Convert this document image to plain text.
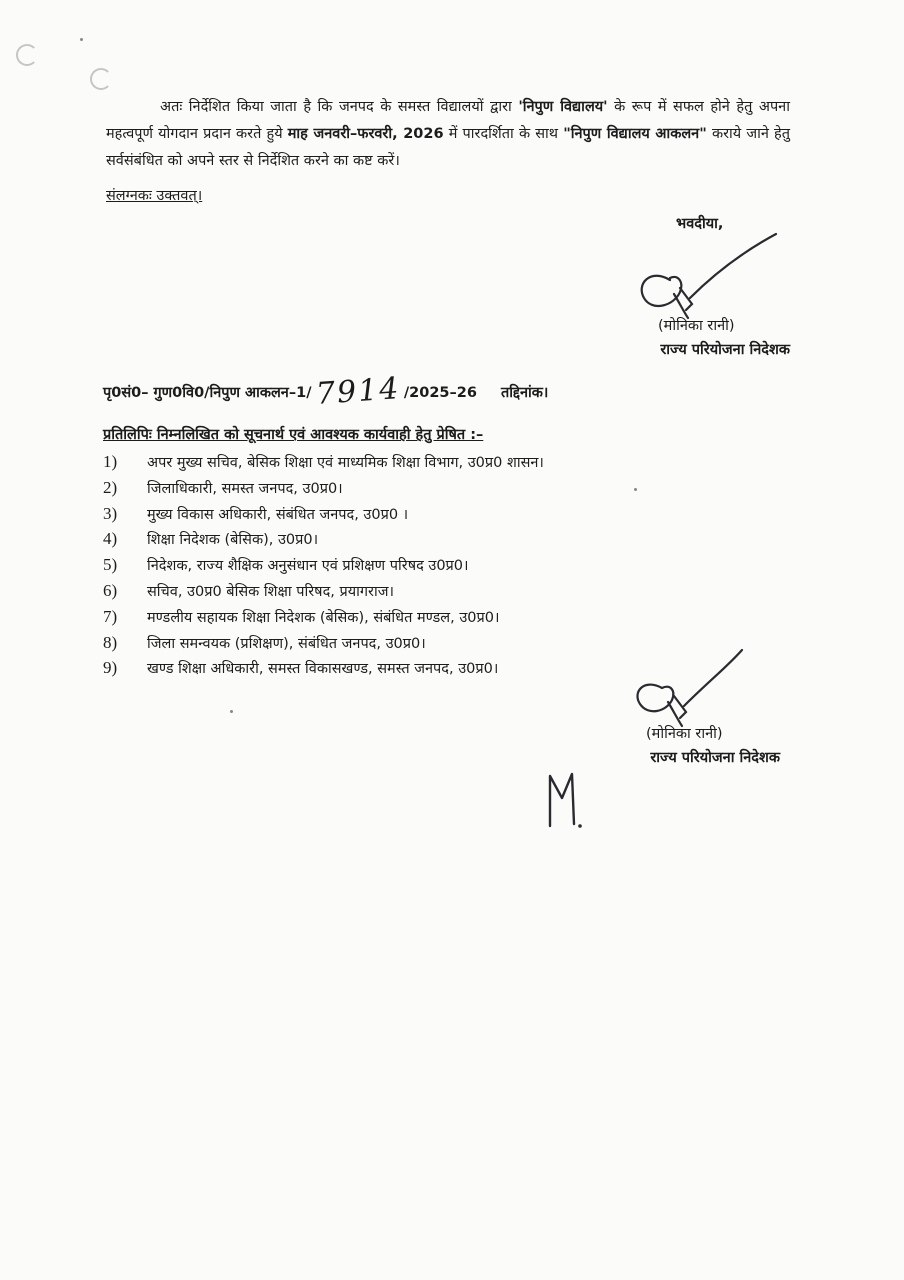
अतः निर्देशित किया जाता है कि जनपद के समस्त विद्यालयों द्वारा 'निपुण विद्यालय' के रूप में सफल होने हेतु अपना महत्वपूर्ण योगदान प्रदान करते हुये माह जनवरी–फरवरी, 2026 में पारदर्शिता के साथ "निपुण विद्यालय आकलन" कराये जाने हेतु सर्वसंबंधित को अपने स्तर से निर्देशित करने का कष्ट करें।
संलग्नकः उक्तवत्।
भवदीया,
(मोनिका रानी)
राज्य परियोजना निदेशक
पृ0सं0– गुण0वि0/निपुण आकलन–1/7914 /2025–26 तद्दिनांक।
प्रतिलिपिः निम्नलिखित को सूचनार्थ एवं आवश्यक कार्यवाही हेतु प्रेषित :–
1) अपर मुख्य सचिव, बेसिक शिक्षा एवं माध्यमिक शिक्षा विभाग, उ0प्र0 शासन।
2) जिलाधिकारी, समस्त जनपद, उ0प्र0।
3) मुख्य विकास अधिकारी, संबंधित जनपद, उ0प्र0 ।
4) शिक्षा निदेशक (बेसिक), उ0प्र0।
5) निदेशक, राज्य शैक्षिक अनुसंधान एवं प्रशिक्षण परिषद उ0प्र0।
6) सचिव, उ0प्र0 बेसिक शिक्षा परिषद, प्रयागराज।
7) मण्डलीय सहायक शिक्षा निदेशक (बेसिक), संबंधित मण्डल, उ0प्र0।
8) जिला समन्वयक (प्रशिक्षण), संबंधित जनपद, उ0प्र0।
9) खण्ड शिक्षा अधिकारी, समस्त विकासखण्ड, समस्त जनपद, उ0प्र0।
(मोनिका रानी)
राज्य परियोजना निदेशक
